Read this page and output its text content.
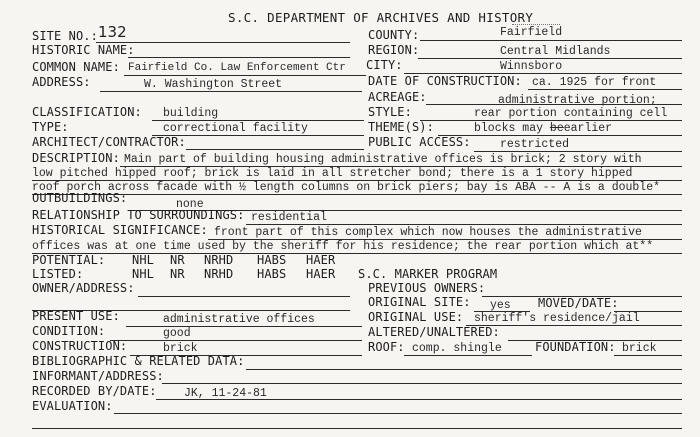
S.C. DEPARTMENT OF ARCHIVES AND HISTORY
SITE NO.: 132	COUNTY:	Fairfield
HISTORIC NAME:	REGION:	Central Midlands
COMMON NAME: Fairfield Co. Law Enforcement Ctr CITY:	Winnsboro
ADDRESS:	W. Washington Street	DATE OF CONSTRUCTION: ca. 1925 for front
ACREAGE:	administrative portion;
CLASSIFICATION: building	STYLE:	rear portion containing cell
TYPE:	correctional facility	THEME(S):	blocks may beearlier
ARCHITECT/CONTRACTOR:	PUBLIC ACCESS:	restricted
DESCRIPTION: Main part of building housing administrative offices is brick; 2 story with
low pitched hipped roof; brick is laid in all stretcher bond; there is a 1 story hipped
roof porch across facade with ½ length columns on brick piers; bay is ABA -- A is a double*
OUTBUILDINGS:	none
RELATIONSHIP TO SURROUNDINGS: residential
HISTORICAL SIGNIFICANCE: front part of this complex which now houses the administrative
offices was at one time used by the sheriff for his residence; the rear portion which at**
POTENTIAL: NHL NR NRHD HABS HAER
LISTED:	NHL NR NRHD HABS HAER S.C. MARKER PROGRAM
OWNER/ADDRESS:	PREVIOUS OWNERS:
ORIGINAL SITE: yes MOVED/DATE:
PRESENT USE:	administrative offices	ORIGINAL USE: sheriff's residence/jail
CONDITION:	good	ALTERED/UNALTERED:
CONSTRUCTION:	brick	ROOF: comp. shingle	FOUNDATION: brick
BIBLIOGRAPHIC & RELATED DATA:
INFORMANT/ADDRESS:
RECORDED BY/DATE: JK, 11-24-81
EVALUATION:
